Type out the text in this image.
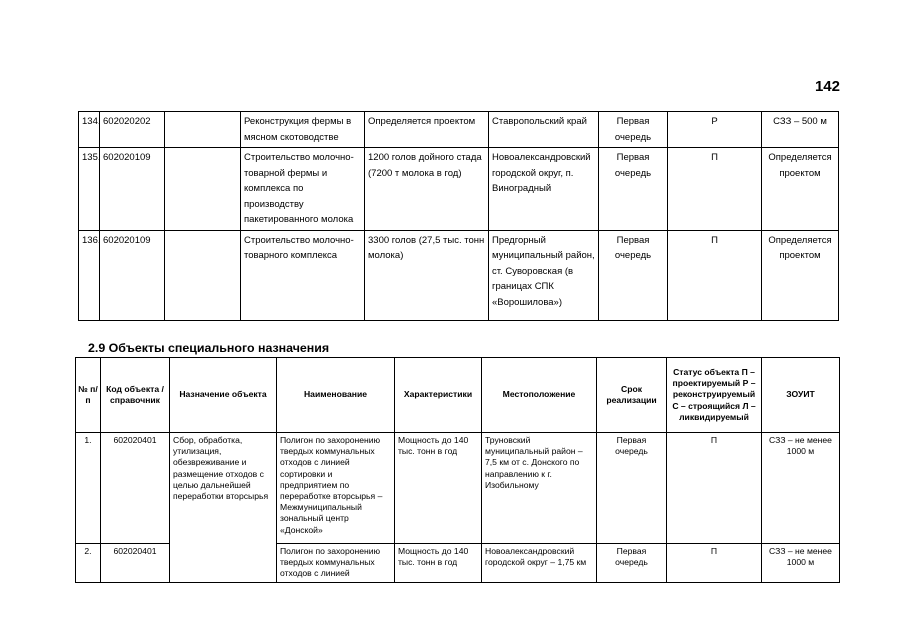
142
134.	602020202		Реконструкция фермы в мясном скотоводстве	Определяется проектом	Ставропольский край	Первая очередь	Р	СЗЗ – 500 м
135.	602020109		Строительство молочно-товарной фермы и комплекса по производству пакетированного молока	1200 голов дойного стада (7200 т молока в год)	Новоалександровский городской округ, п. Виноградный	Первая очередь	П	Определяется проектом
136.	602020109		Строительство молочно-товарного комплекса	3300 голов (27,5 тыс. тонн молока)	Предгорный муниципальный район, ст. Суворовская (в границах СПК «Ворошилова»)	Первая очередь	П	Определяется проектом
2.9 Объекты специального назначения
№ п/п	Код объекта / справочник	Назначение объекта	Наименование	Характеристики	Местоположение	Срок реализации	Статус объекта П – проектируемый Р – реконструируемый С – строящийся Л – ликвидируемый	ЗОУИТ
1.	602020401	Сбор, обработка, утилизация, обезвреживание и размещение отходов с целью дальнейшей переработки вторсырья	Полигон по захоронению твердых коммунальных отходов с линией сортировки и предприятием по переработке вторсырья – Межмуниципальный зональный центр «Донской»	Мощность до 140 тыс. тонн в год	Труновский муниципальный район – 7,5 км от с. Донского по направлению к г. Изобильному	Первая очередь	П	СЗЗ – не менее 1000 м
2.	602020401		Полигон по захоронению твердых коммунальных отходов с линией	Мощность до 140 тыс. тонн в год	Новоалександровский городской округ – 1,75 км	Первая очередь	П	СЗЗ – не менее 1000 м
